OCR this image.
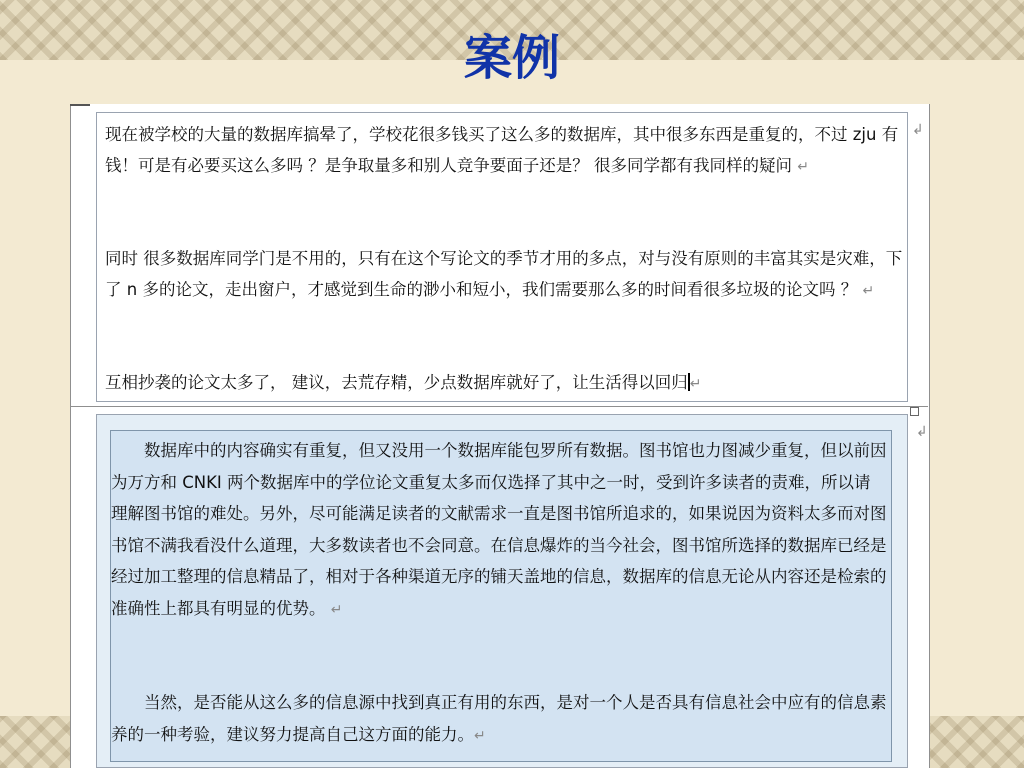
案例

现在被学校的大量的数据库搞晕了，学校花很多钱买了这么多的数据库，其中很多东西是重复的，不过 zju 有钱！可是有必要买这么多吗 ？是争取量多和别人竞争要面子还是？ 很多同学都有我同样的疑问 ↵

同时 很多数据库同学门是不用的，只有在这个写论文的季节才用的多点，对与没有原则的丰富其实是灾难，下了 n 多的论文，走出窗户，才感觉到生命的渺小和短小，我们需要那么多的时间看很多垃圾的论文吗 ？ ↵

互相抄袭的论文太多了， 建议，去荒存精，少点数据库就好了，让生活得以回归 ↵

↲
↲

数据库中的内容确实有重复，但又没用一个数据库能包罗所有数据。图书馆也力图减少重复，但以前因为万方和 CNKI 两个数据库中的学位论文重复太多而仅选择了其中之一时，受到许多读者的责难，所以请理解图书馆的难处。另外，尽可能满足读者的文献需求一直是图书馆所追求的，如果说因为资料太多而对图书馆不满我看没什么道理，大多数读者也不会同意。在信息爆炸的当今社会，图书馆所选择的数据库已经是经过加工整理的信息精品了，相对于各种渠道无序的铺天盖地的信息，数据库的信息无论从内容还是检索的准确性上都具有明显的优势。 ↵

当然，是否能从这么多的信息源中找到真正有用的东西，是对一个人是否具有信息社会中应有的信息素养的一种考验，建议努力提高自己这方面的能力。↵
